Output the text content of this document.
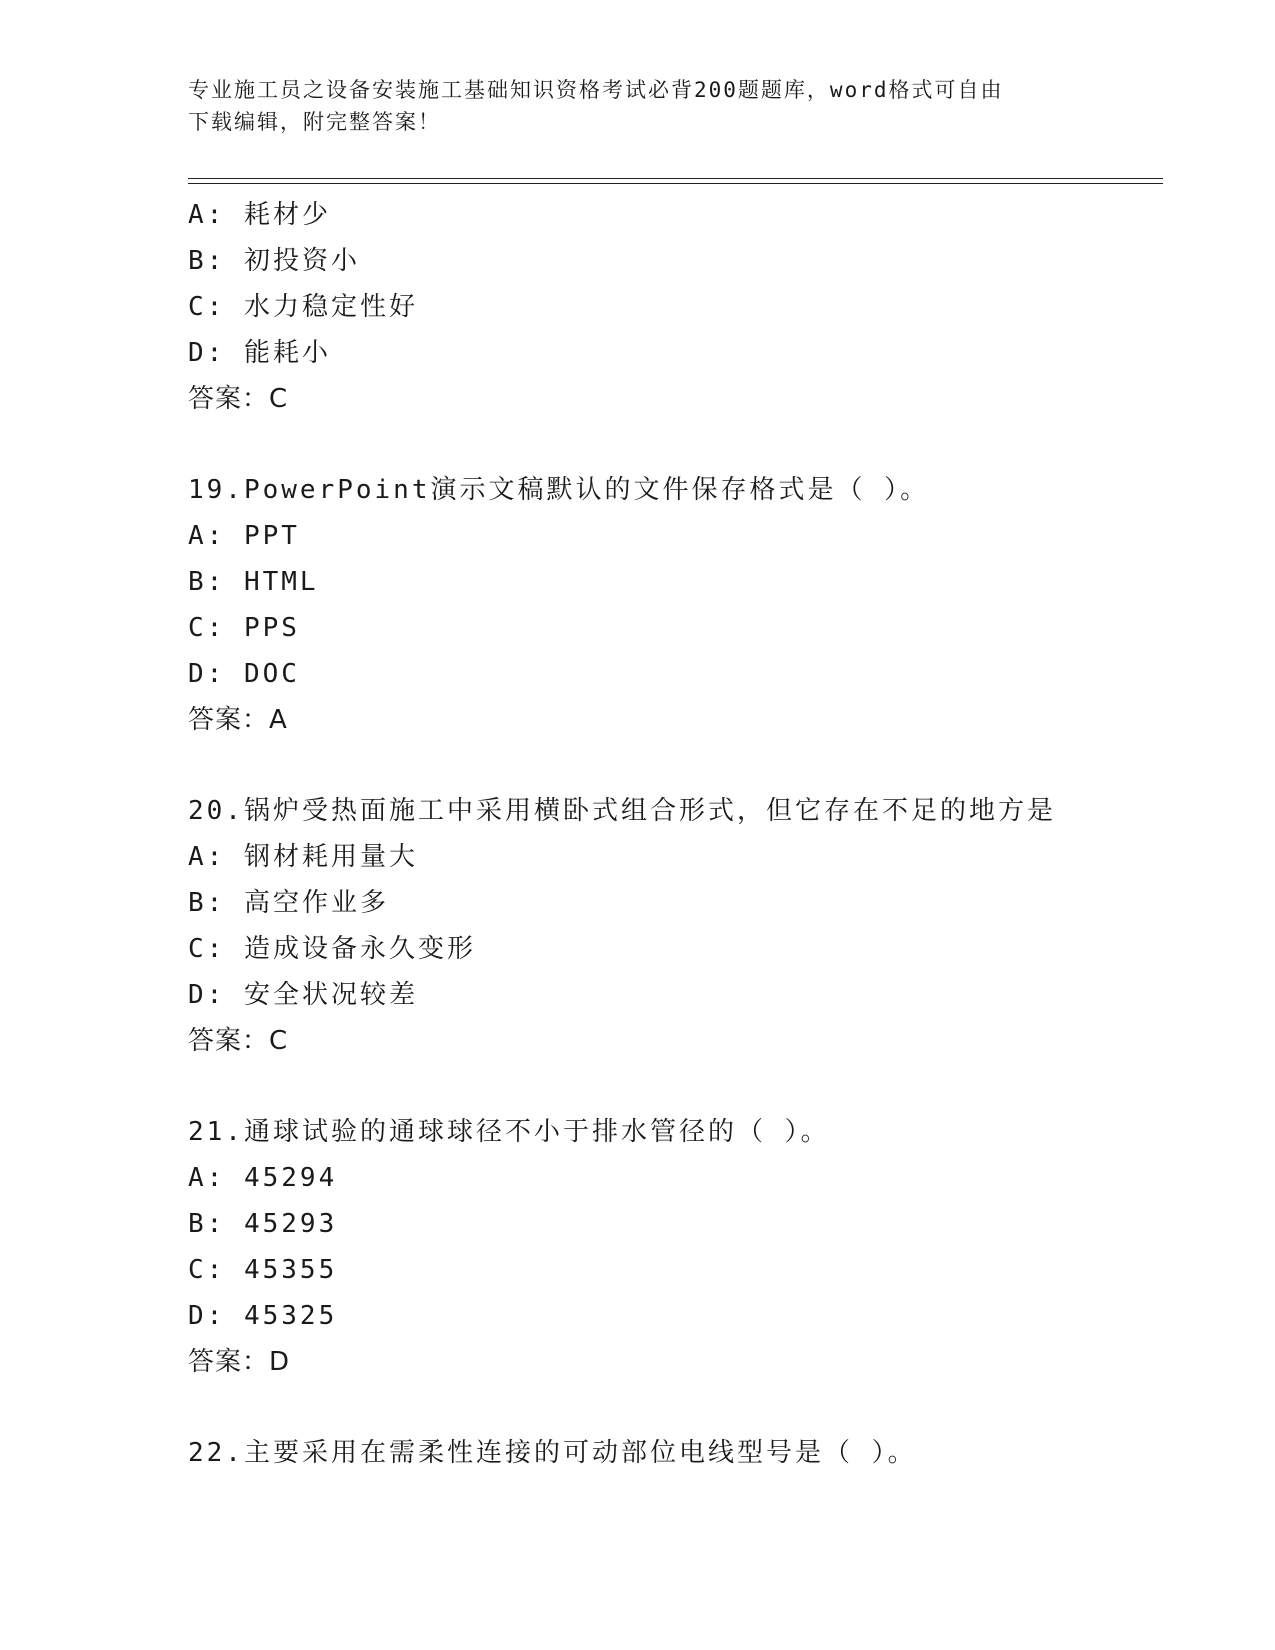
专业施工员之设备安装施工基础知识资格考试必背200题题库，word格式可自由
下载编辑，附完整答案！
A: 耗材少
B: 初投资小
C: 水力稳定性好
D: 能耗小
答案：C
19.PowerPoint演示文稿默认的文件保存格式是（ ）。
A: PPT
B: HTML
C: PPS
D: DOC
答案：A
20.锅炉受热面施工中采用横卧式组合形式，但它存在不足的地方是
A: 钢材耗用量大
B: 高空作业多
C: 造成设备永久变形
D: 安全状况较差
答案：C
21.通球试验的通球球径不小于排水管径的（ ）。
A: 45294
B: 45293
C: 45355
D: 45325
答案：D
22.主要采用在需柔性连接的可动部位电线型号是（ ）。
